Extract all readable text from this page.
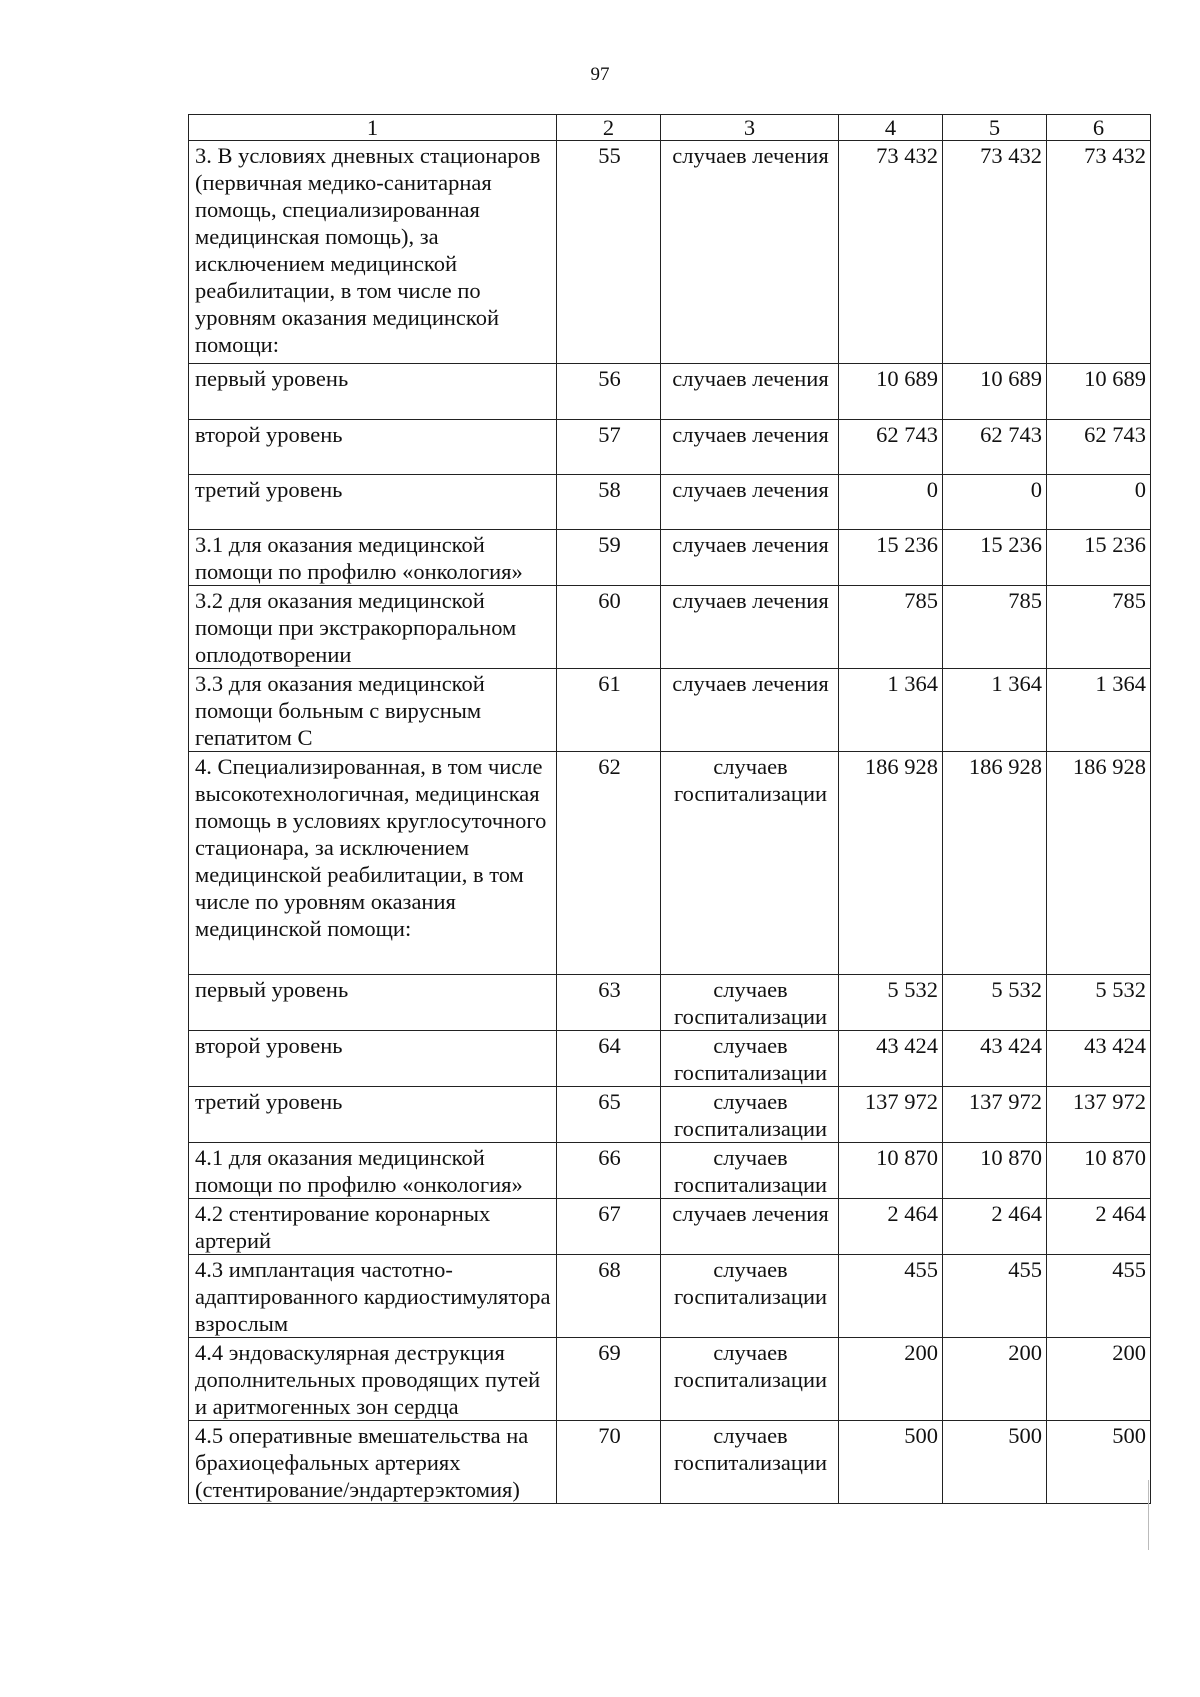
97
1	2	3	4	5	6
3. В условиях дневных стационаров (первичная медико-санитарная помощь, специализированная медицинская помощь), за исключением медицинской реабилитации, в том числе по уровням оказания медицинской помощи:	55	случаев лечения	73 432	73 432	73 432
первый уровень	56	случаев лечения	10 689	10 689	10 689
второй уровень	57	случаев лечения	62 743	62 743	62 743
третий уровень	58	случаев лечения	0	0	0
3.1 для оказания медицинской помощи по профилю «онкология»	59	случаев лечения	15 236	15 236	15 236
3.2 для оказания медицинской помощи при экстракорпоральном оплодотворении	60	случаев лечения	785	785	785
3.3 для оказания медицинской помощи больным с вирусным гепатитом С	61	случаев лечения	1 364	1 364	1 364
4. Специализированная, в том числе высокотехнологичная, медицинская помощь в условиях круглосуточного стационара, за исключением медицинской реабилитации, в том числе по уровням оказания медицинской помощи:	62	случаев госпитализации	186 928	186 928	186 928
первый уровень	63	случаев госпитализации	5 532	5 532	5 532
второй уровень	64	случаев госпитализации	43 424	43 424	43 424
третий уровень	65	случаев госпитализации	137 972	137 972	137 972
4.1 для оказания медицинской помощи по профилю «онкология»	66	случаев госпитализации	10 870	10 870	10 870
4.2 стентирование коронарных артерий	67	случаев лечения	2 464	2 464	2 464
4.3 имплантация частотно-адаптированного кардиостимулятора взрослым	68	случаев госпитализации	455	455	455
4.4 эндоваскулярная деструкция дополнительных проводящих путей и аритмогенных зон сердца	69	случаев госпитализации	200	200	200
4.5 оперативные вмешательства на брахиоцефальных артериях (стентирование/эндартерэктомия)	70	случаев госпитализации	500	500	500
